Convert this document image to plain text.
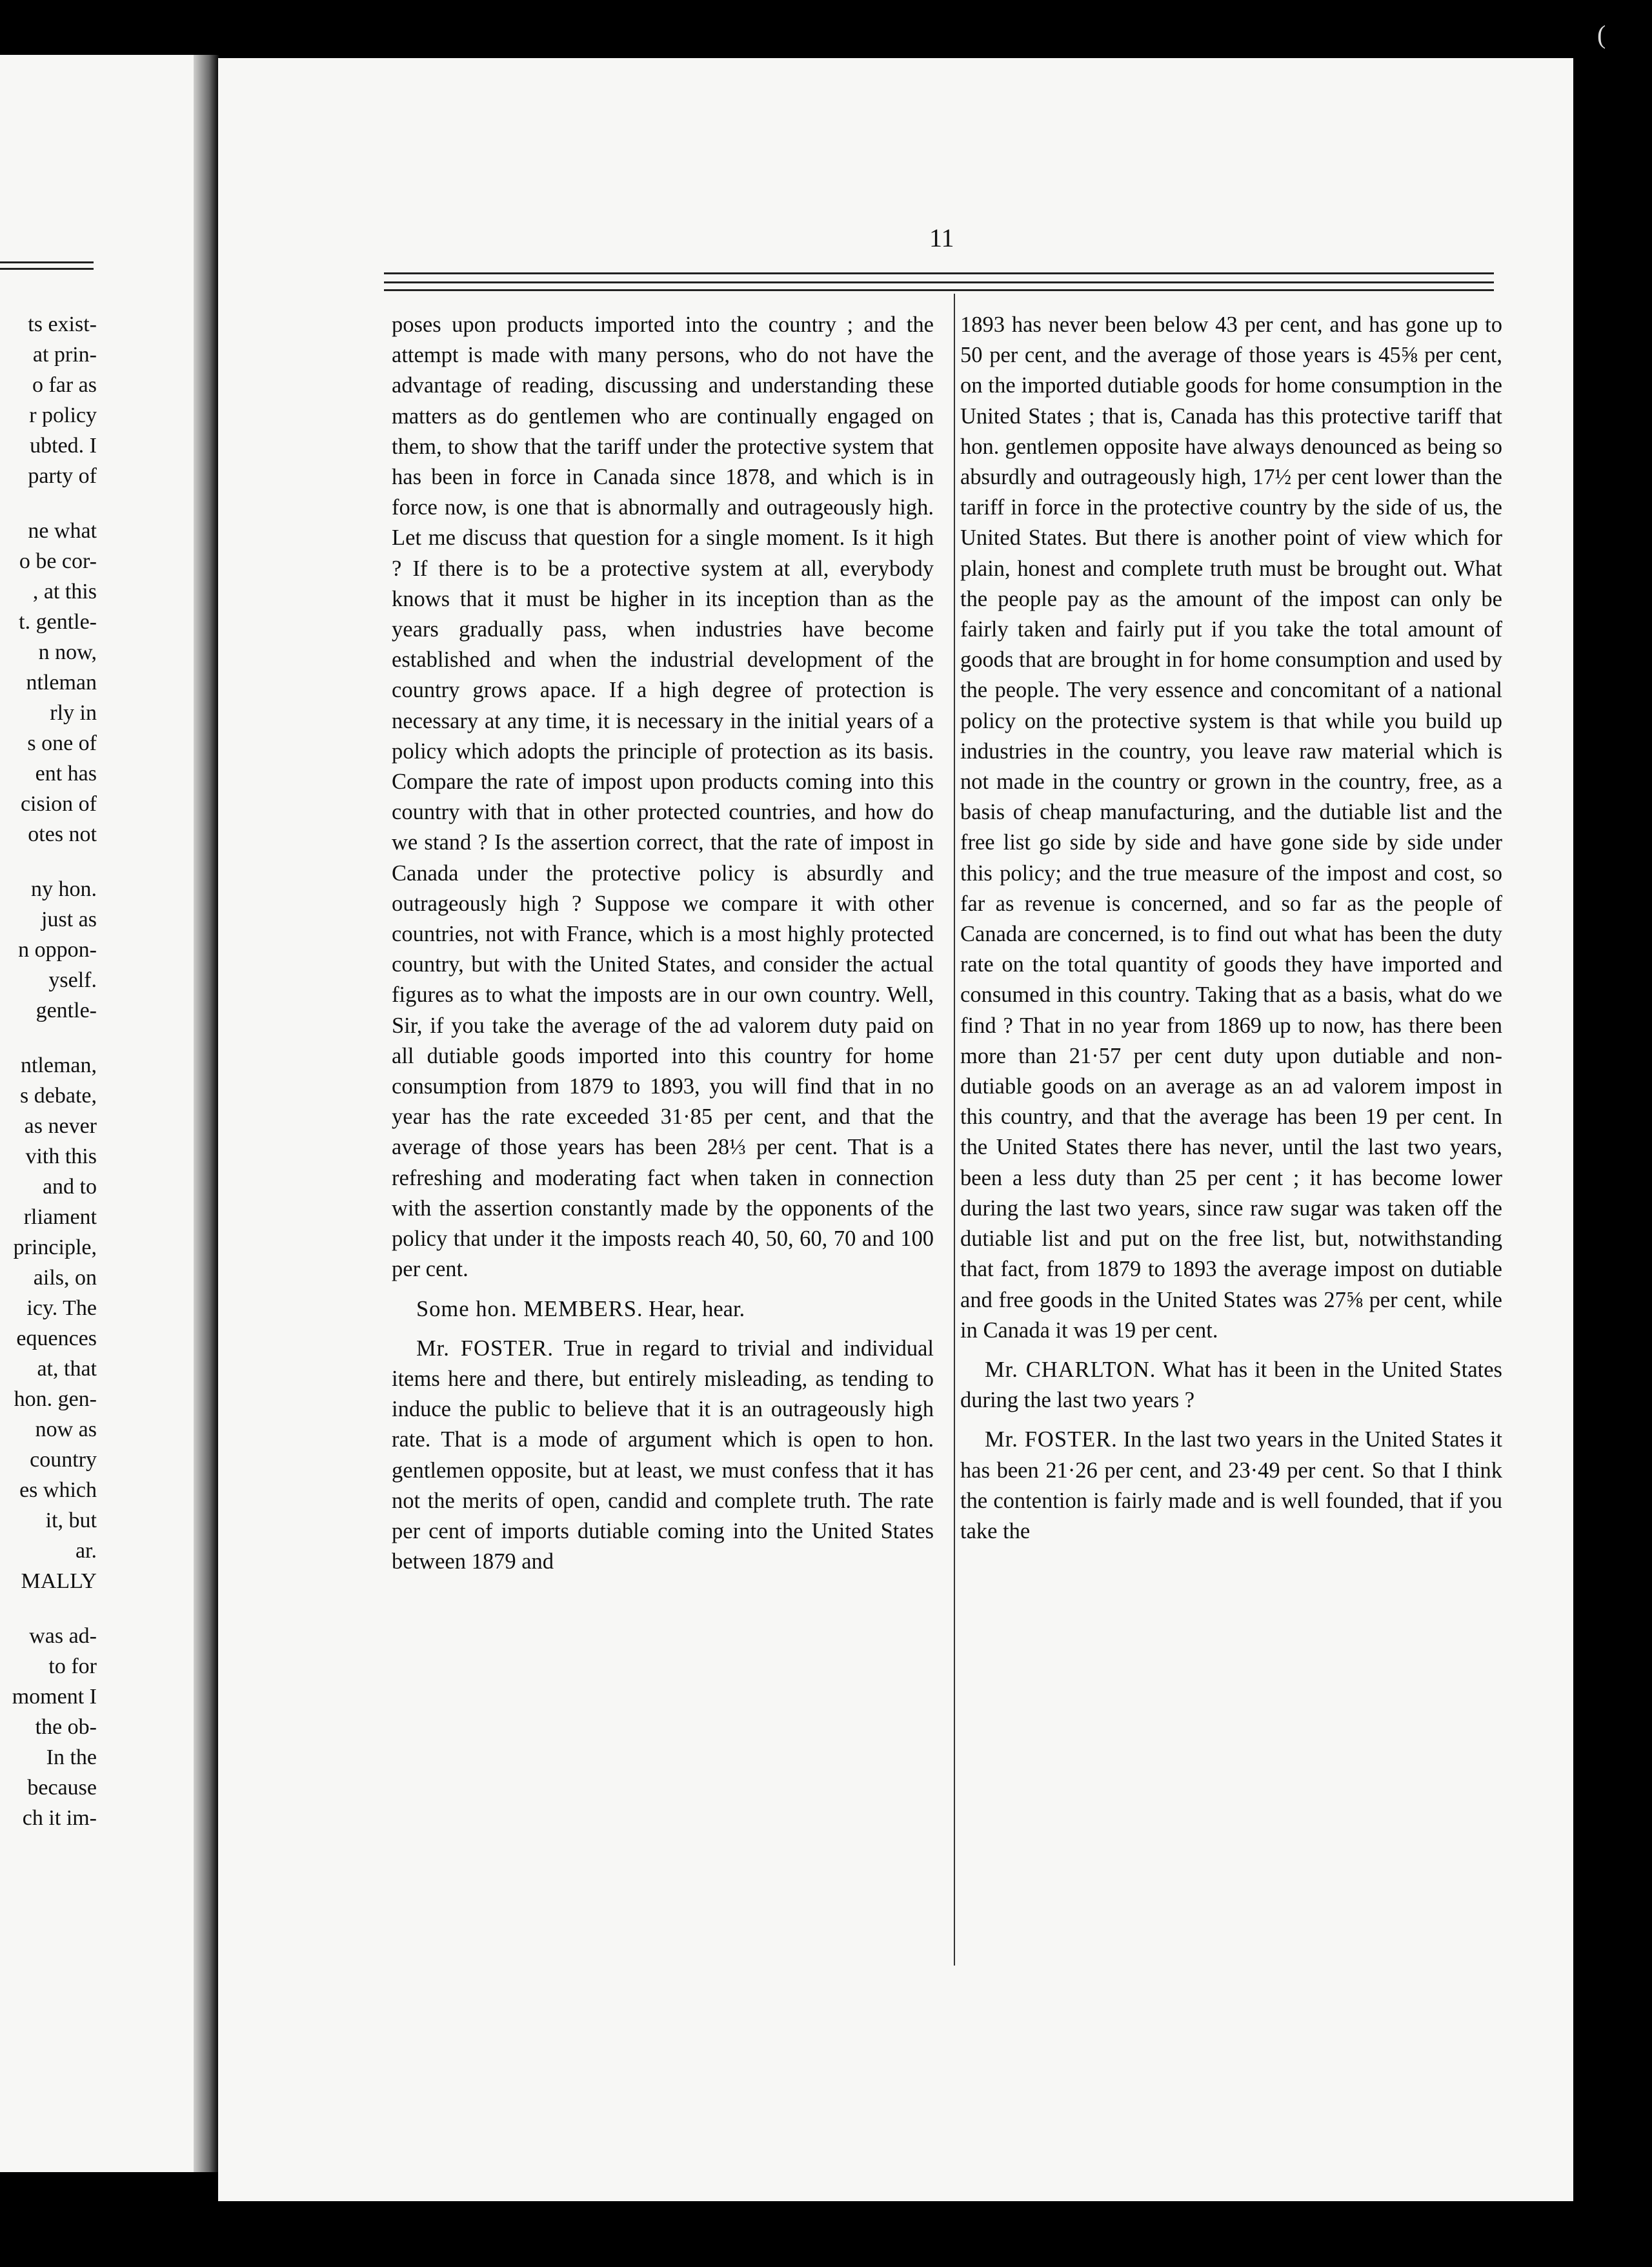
ts exist-
at prin-
o far as
r policy
ubted. I
party of
ne what
o be cor-
, at this
t. gentle-
n now,
ntleman
rly in
s one of
ent has
cision of
otes not
ny hon.
just as
n oppon-
yself.
gentle-
ntleman,
s debate,
as never
vith this
and to
rliament
principle,
ails, on
icy. The
equences
at, that
hon. gen-
now as
country
es which
it, but
ar.
MALLY
was ad-
to for
moment I
the ob-
In the
because
ch it im-
(
11

poses upon products imported into the country ; and the attempt is made with many persons, who do not have the advantage of reading, discussing and understanding these matters as do gentlemen who are continually engaged on them, to show that the tariff under the protective system that has been in force in Canada since 1878, and which is in force now, is one that is abnormally and outrageously high. Let me discuss that question for a single moment. Is it high ? If there is to be a protective system at all, everybody knows that it must be higher in its inception than as the years gradually pass, when industries have become established and when the industrial development of the country grows apace. If a high degree of protection is necessary at any time, it is necessary in the initial years of a policy which adopts the principle of protection as its basis. Compare the rate of impost upon products coming into this country with that in other protected countries, and how do we stand ? Is the assertion correct, that the rate of impost in Canada under the protective policy is absurdly and outrageously high ? Suppose we compare it with other countries, not with France, which is a most highly protected country, but with the United States, and consider the actual figures as to what the imposts are in our own country. Well, Sir, if you take the average of the ad valorem duty paid on all dutiable goods imported into this country for home consumption from 1879 to 1893, you will find that in no year has the rate exceeded 31·85 per cent, and that the average of those years has been 28⅓ per cent. That is a refreshing and moderating fact when taken in connection with the assertion constantly made by the opponents of the policy that under it the imposts reach 40, 50, 60, 70 and 100 per cent.

Some hon. MEMBERS. Hear, hear.

Mr. FOSTER. True in regard to trivial and individual items here and there, but entirely misleading, as tending to induce the public to believe that it is an outrageously high rate. That is a mode of argument which is open to hon. gentlemen opposite, but at least, we must confess that it has not the merits of open, candid and complete truth. The rate per cent of imports dutiable coming into the United States between 1879 and

1893 has never been below 43 per cent, and has gone up to 50 per cent, and the average of those years is 45⅝ per cent, on the imported dutiable goods for home consumption in the United States ; that is, Canada has this protective tariff that hon. gentlemen opposite have always denounced as being so absurdly and outrageously high, 17½ per cent lower than the tariff in force in the protective country by the side of us, the United States. But there is another point of view which for plain, honest and complete truth must be brought out. What the people pay as the amount of the impost can only be fairly taken and fairly put if you take the total amount of goods that are brought in for home consumption and used by the people. The very essence and concomitant of a national policy on the protective system is that while you build up industries in the country, you leave raw material which is not made in the country or grown in the country, free, as a basis of cheap manufacturing, and the dutiable list and the free list go side by side and have gone side by side under this policy; and the true measure of the impost and cost, so far as revenue is concerned, and so far as the people of Canada are concerned, is to find out what has been the duty rate on the total quantity of goods they have imported and consumed in this country. Taking that as a basis, what do we find ? That in no year from 1869 up to now, has there been more than 21·57 per cent duty upon dutiable and non-dutiable goods on an average as an ad valorem impost in this country, and that the average has been 19 per cent. In the United States there has never, until the last two years, been a less duty than 25 per cent ; it has become lower during the last two years, since raw sugar was taken off the dutiable list and put on the free list, but, notwithstanding that fact, from 1879 to 1893 the average impost on dutiable and free goods in the United States was 27⅝ per cent, while in Canada it was 19 per cent.

Mr. CHARLTON. What has it been in the United States during the last two years ?

Mr. FOSTER. In the last two years in the United States it has been 21·26 per cent, and 23·49 per cent. So that I think the contention is fairly made and is well founded, that if you take the
